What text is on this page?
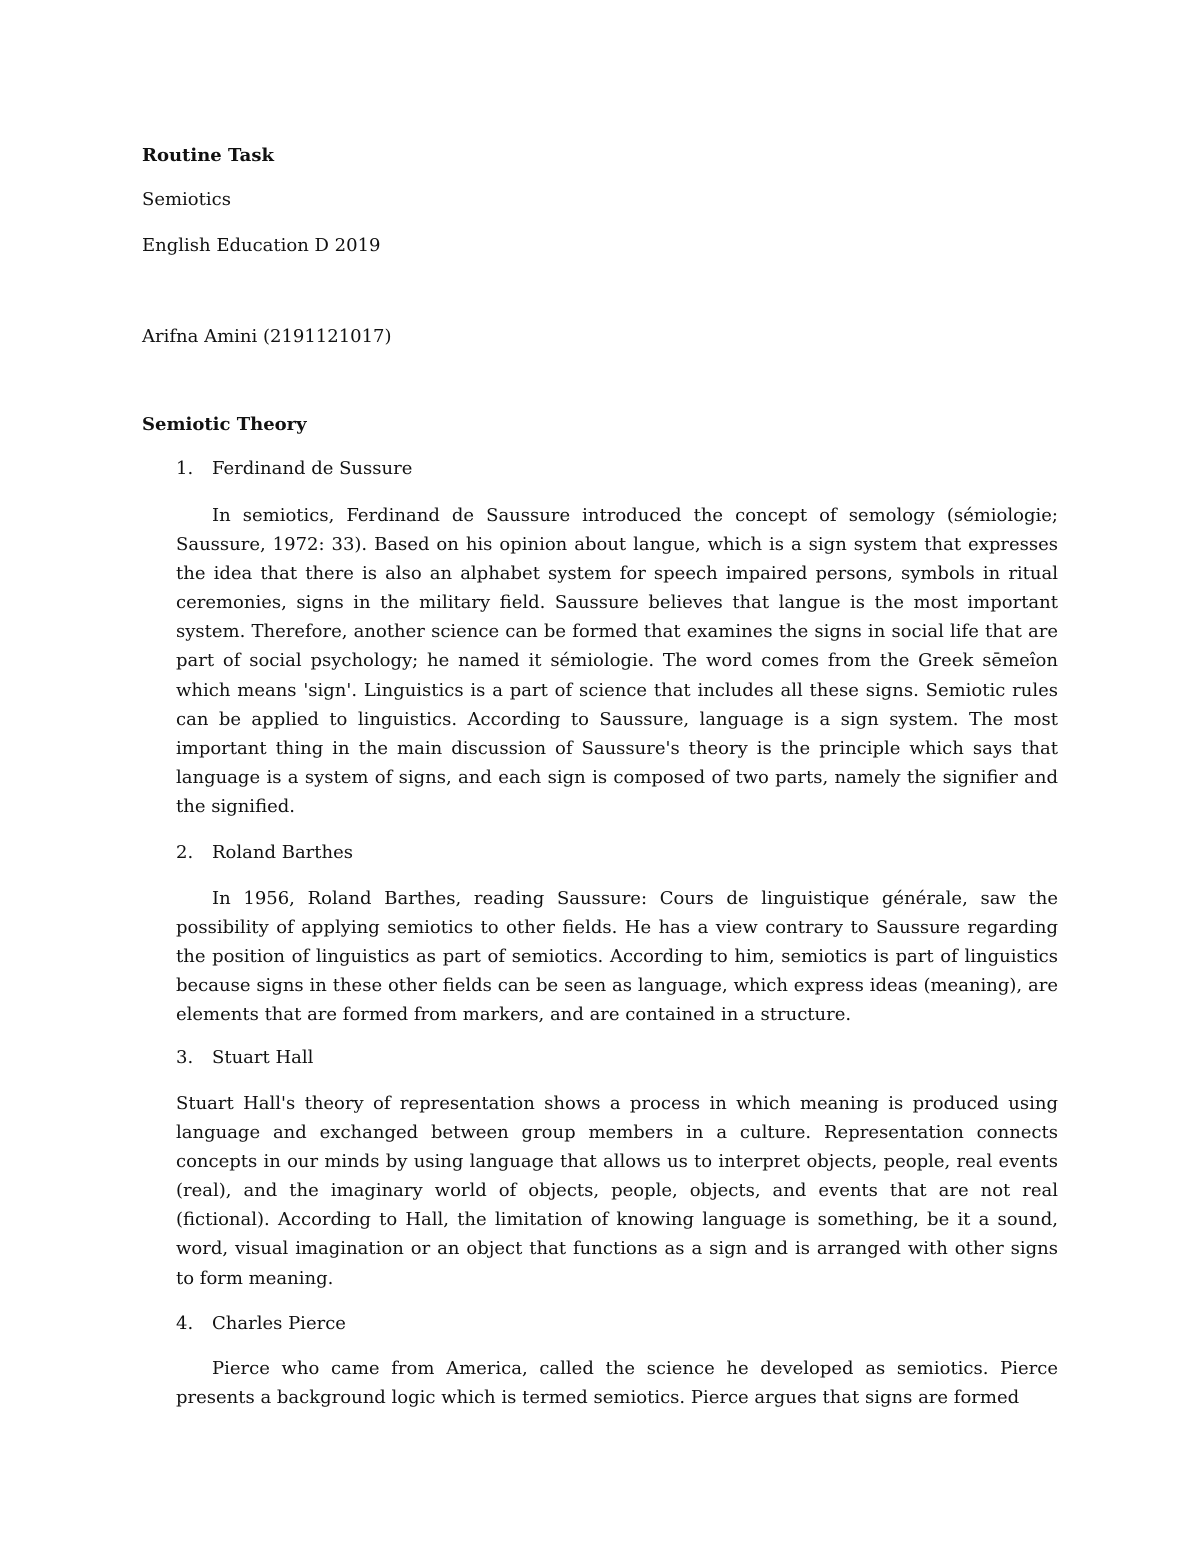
Routine Task

Semiotics

English Education D 2019

Arifna Amini (2191121017)

Semiotic Theory

1. Ferdinand de Sussure

In semiotics, Ferdinand de Saussure introduced the concept of semology (sémiologie; Saussure, 1972: 33). Based on his opinion about langue, which is a sign system that expresses the idea that there is also an alphabet system for speech impaired persons, symbols in ritual ceremonies, signs in the military field. Saussure believes that langue is the most important system. Therefore, another science can be formed that examines the signs in social life that are part of social psychology; he named it sémiologie. The word comes from the Greek sēmeîon which means 'sign'. Linguistics is a part of science that includes all these signs. Semiotic rules can be applied to linguistics. According to Saussure, language is a sign system. The most important thing in the main discussion of Saussure's theory is the principle which says that language is a system of signs, and each sign is composed of two parts, namely the signifier and the signified.

2. Roland Barthes

In 1956, Roland Barthes, reading Saussure: Cours de linguistique générale, saw the possibility of applying semiotics to other fields. He has a view contrary to Saussure regarding the position of linguistics as part of semiotics. According to him, semiotics is part of linguistics because signs in these other fields can be seen as language, which express ideas (meaning), are elements that are formed from markers, and are contained in a structure.

3. Stuart Hall

Stuart Hall's theory of representation shows a process in which meaning is produced using language and exchanged between group members in a culture. Representation connects concepts in our minds by using language that allows us to interpret objects, people, real events (real), and the imaginary world of objects, people, objects, and events that are not real (fictional). According to Hall, the limitation of knowing language is something, be it a sound, word, visual imagination or an object that functions as a sign and is arranged with other signs to form meaning.

4. Charles Pierce

Pierce who came from America, called the science he developed as semiotics. Pierce presents a background logic which is termed semiotics. Pierce argues that signs are formed
